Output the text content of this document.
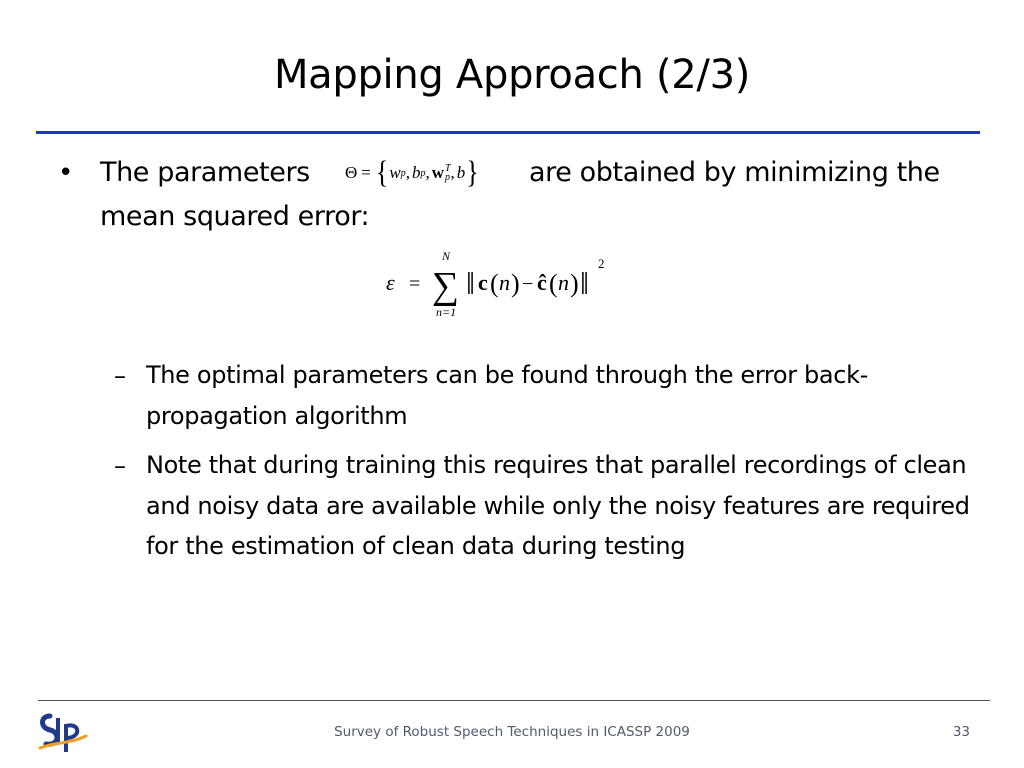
Mapping Approach (2/3)
• The parameters Θ = { w p , b p , w T
p , b } are obtained by minimizing the
mean squared error:
ε =
N
∑
n=1
‖ c ( n ) − ĉ ( n ) ‖
2
– The optimal parameters can be found through the error back-propagation algorithm
– Note that during training this requires that parallel recordings of clean and noisy data are available while only the noisy features are required for the estimation of clean data during testing
Survey of Robust Speech Techniques in ICASSP 2009	33
